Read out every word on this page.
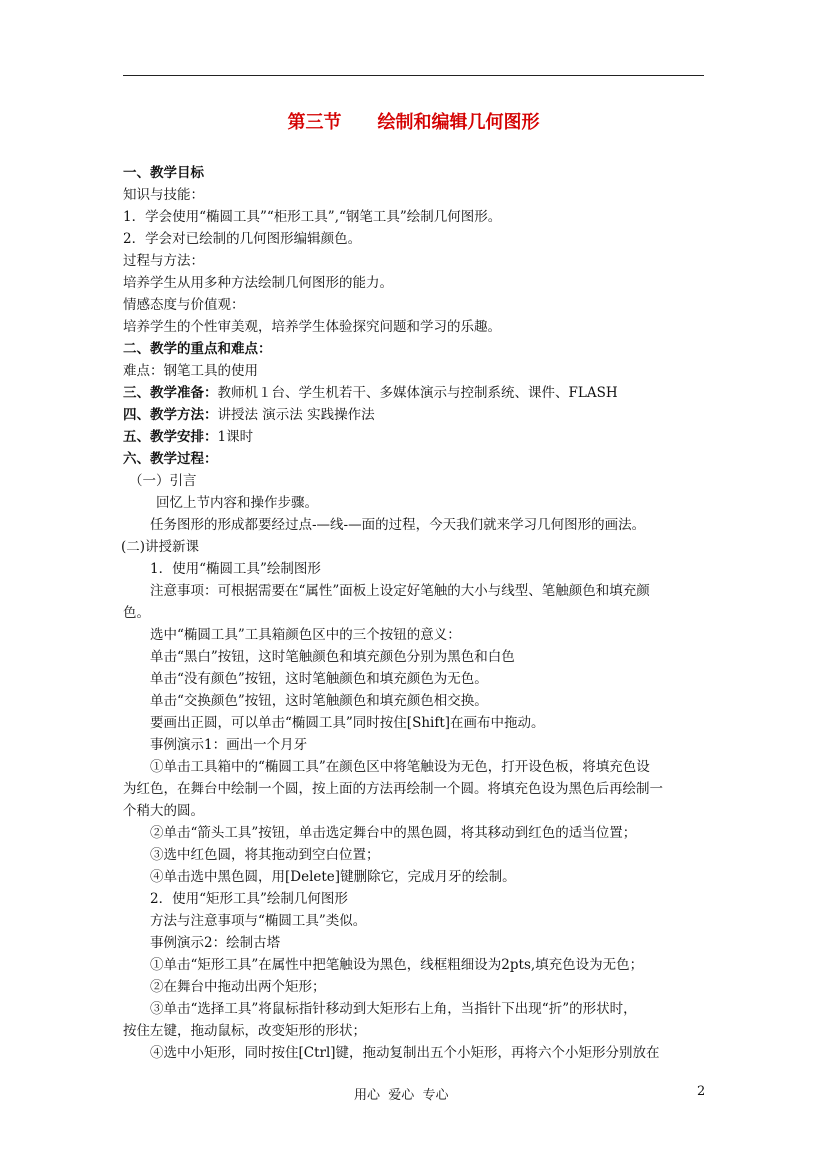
第三节　　绘制和编辑几何图形
一、教学目标
知识与技能：
1．学会使用“椭圆工具”“柜形工具”,“钢笔工具”绘制几何图形。
2．学会对已绘制的几何图形编辑颜色。
过程与方法：
培养学生从用多种方法绘制几何图形的能力。
情感态度与价值观：
培养学生的个性审美观，培养学生体验探究问题和学习的乐趣。
二、教学的重点和难点：
难点：钢笔工具的使用
三、教学准备：教师机１台、学生机若干、多媒体演示与控制系统、课件、FLASH
四、教学方法：讲授法 演示法 实践操作法
五、教学安排：1课时
六、教学过程：
（一）引言
回忆上节内容和操作步骤。
任务图形的形成都要经过点-—线-—面的过程，今天我们就来学习几何图形的画法。
(二)讲授新课
1．使用“椭圆工具”绘制图形
注意事项：可根据需要在“属性”面板上设定好笔触的大小与线型、笔触颜色和填充颜
色。
选中“椭圆工具”工具箱颜色区中的三个按钮的意义：
单击“黑白”按钮，这时笔触颜色和填充颜色分别为黑色和白色
单击“没有颜色”按钮，这时笔触颜色和填充颜色为无色。
单击“交换颜色”按钮，这时笔触颜色和填充颜色相交换。
要画出正圆，可以单击“椭圆工具”同时按住[Shift]在画布中拖动。
事例演示1：画出一个月牙
①单击工具箱中的“椭圆工具”在颜色区中将笔触设为无色，打开设色板，将填充色设
为红色，在舞台中绘制一个圆，按上面的方法再绘制一个圆。将填充色设为黑色后再绘制一
个稍大的圆。
②单击“箭头工具”按钮，单击选定舞台中的黑色圆，将其移动到红色的适当位置；
③选中红色圆，将其拖动到空白位置；
④单击选中黑色圆，用[Delete]键删除它，完成月牙的绘制。
2．使用“矩形工具”绘制几何图形
方法与注意事项与“椭圆工具”类似。
事例演示2：绘制古塔
①单击“矩形工具”在属性中把笔触设为黑色，线框粗细设为2pts,填充色设为无色；
②在舞台中拖动出两个矩形；
③单击“选择工具”将鼠标指针移动到大矩形右上角，当指针下出现“折”的形状时，
按住左键，拖动鼠标，改变矩形的形状；
④选中小矩形，同时按住[Ctrl]键，拖动复制出五个小矩形，再将六个小矩形分别放在
用心  爱心  专心	2
